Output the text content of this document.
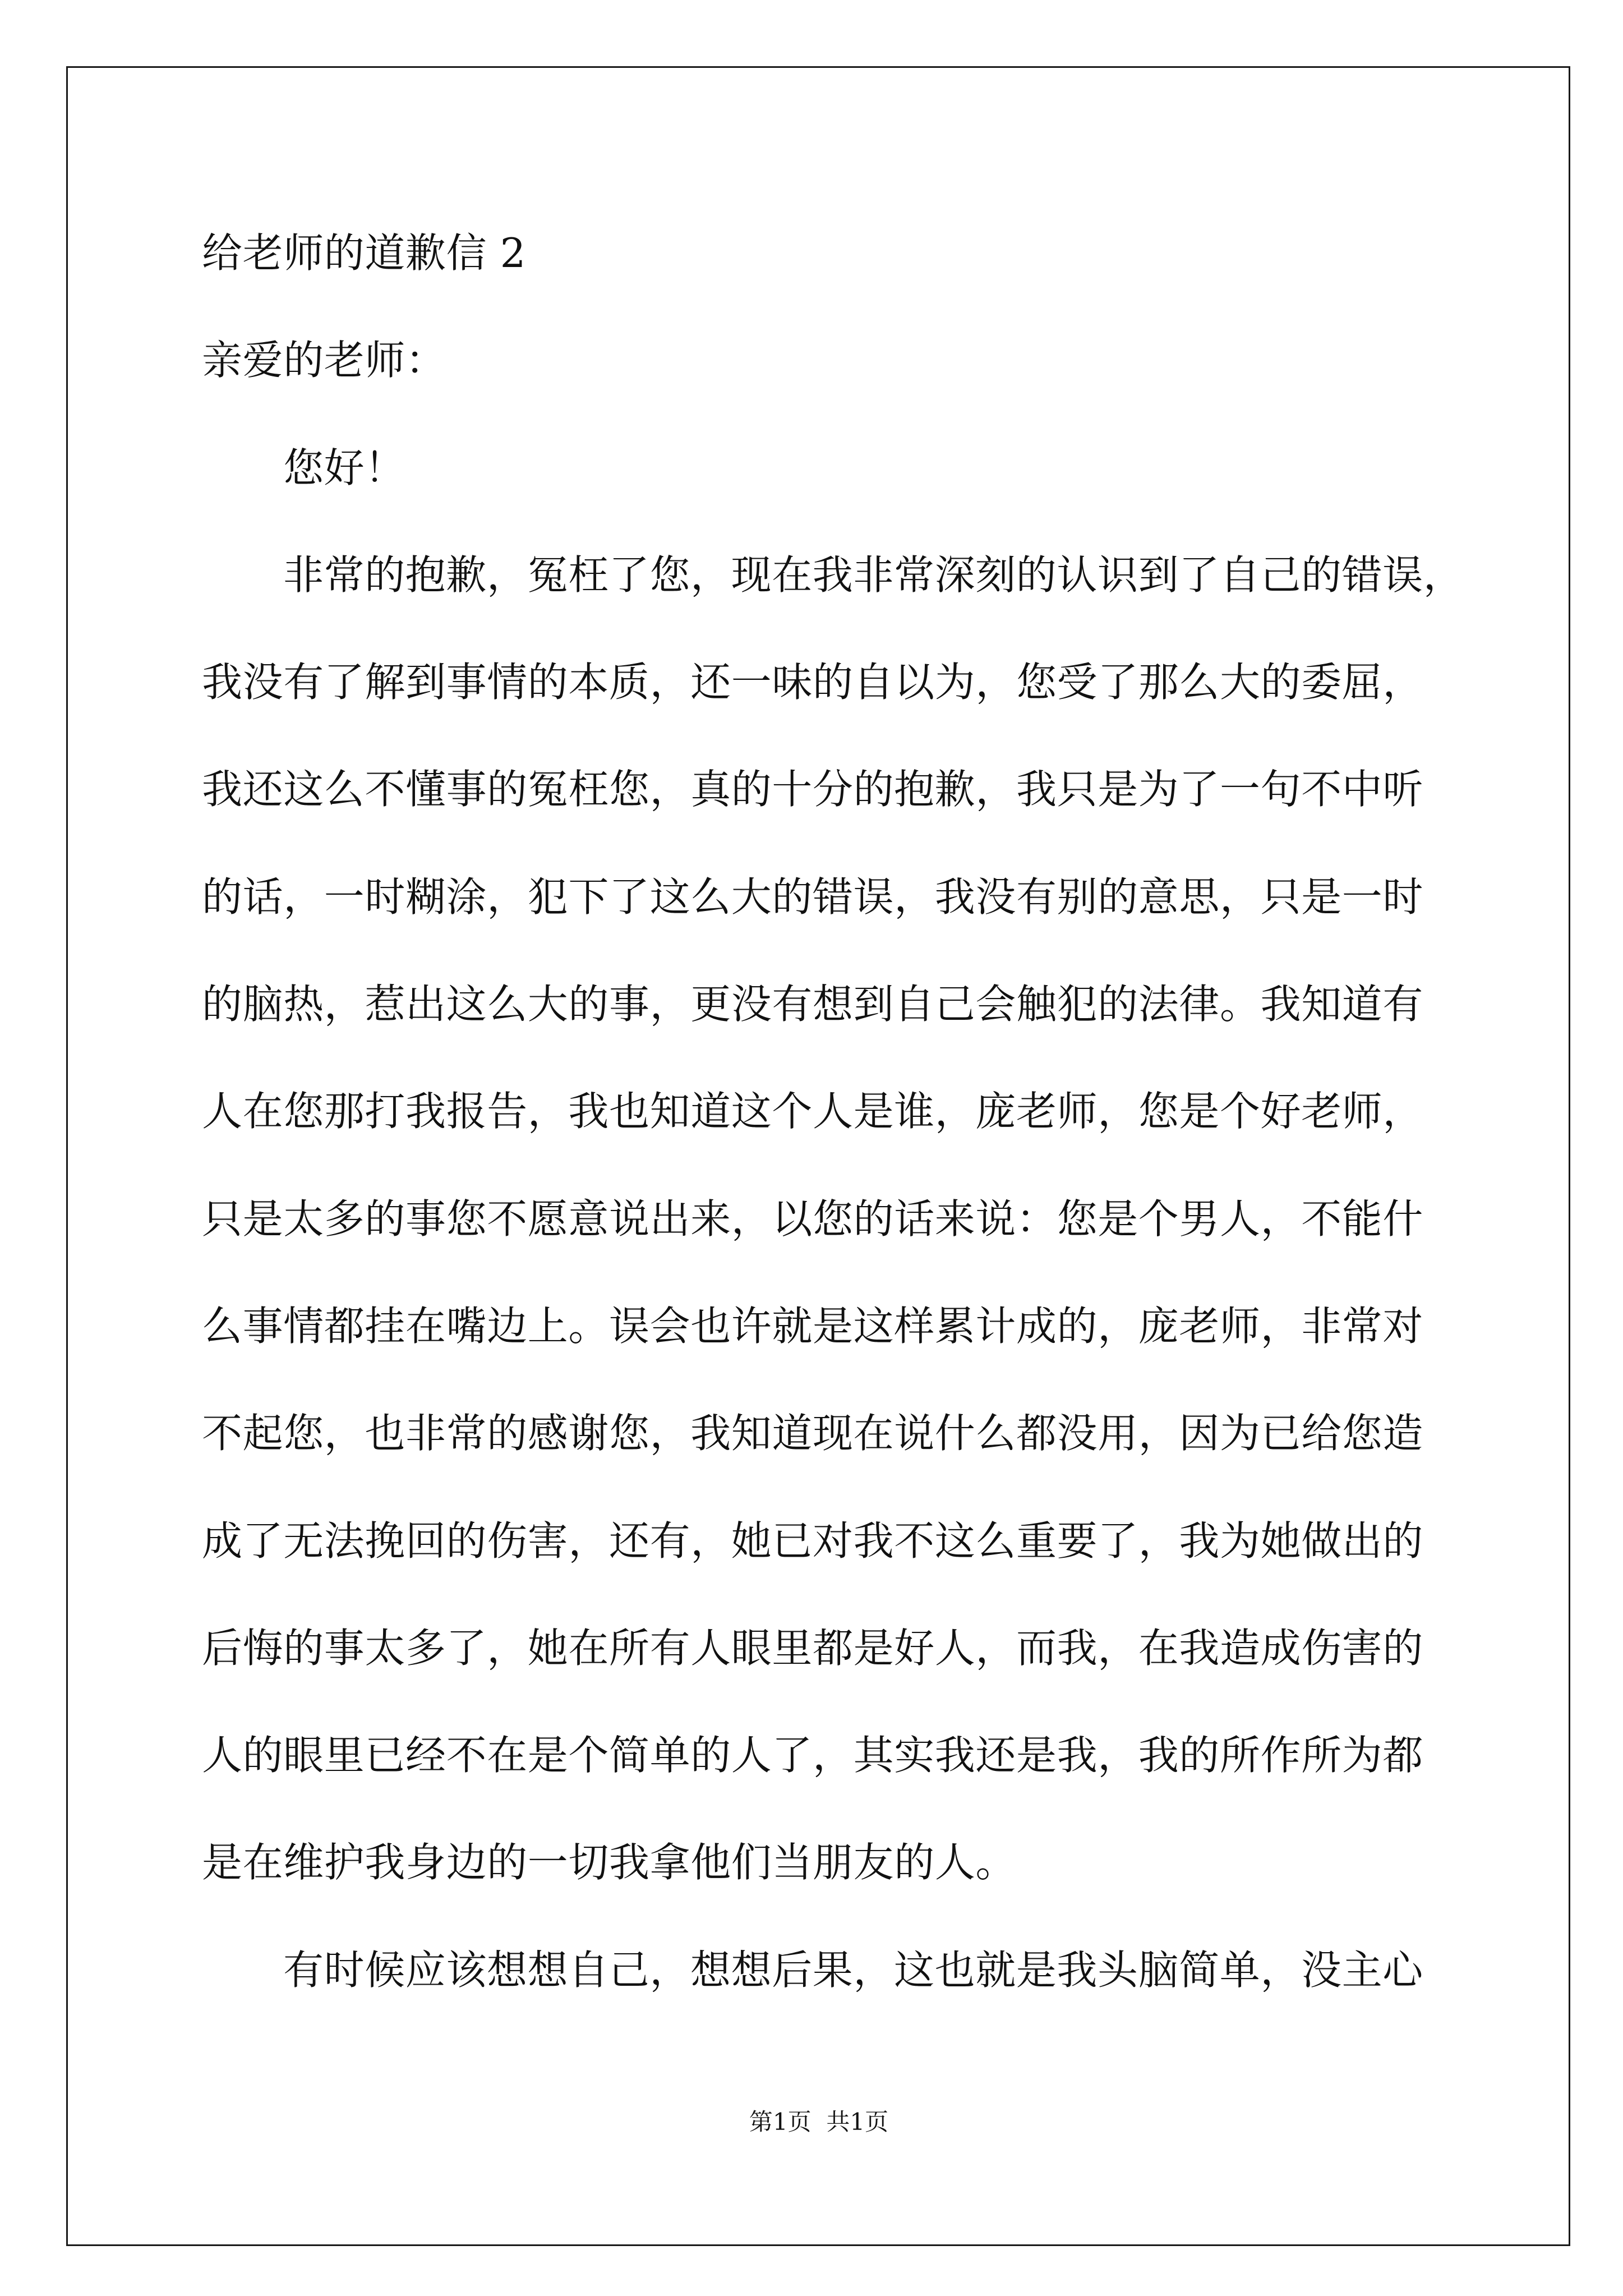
给老师的道歉信 2
亲爱的老师：
您好！
非常的抱歉，冤枉了您，现在我非常深刻的认识到了自己的错误，
我没有了解到事情的本质，还一味的自以为，您受了那么大的委屈，
我还这么不懂事的冤枉您，真的十分的抱歉，我只是为了一句不中听
的话，一时糊涂，犯下了这么大的错误，我没有别的意思，只是一时
的脑热，惹出这么大的事，更没有想到自己会触犯的法律。我知道有
人在您那打我报告，我也知道这个人是谁，庞老师，您是个好老师，
只是太多的事您不愿意说出来，以您的话来说：您是个男人，不能什
么事情都挂在嘴边上。误会也许就是这样累计成的，庞老师，非常对
不起您，也非常的感谢您，我知道现在说什么都没用，因为已给您造
成了无法挽回的伤害，还有，她已对我不这么重要了，我为她做出的
后悔的事太多了，她在所有人眼里都是好人，而我，在我造成伤害的
人的眼里已经不在是个简单的人了，其实我还是我，我的所作所为都
是在维护我身边的一切我拿他们当朋友的人。
有时候应该想想自己，想想后果，这也就是我头脑简单，没主心
第1页  共1页
